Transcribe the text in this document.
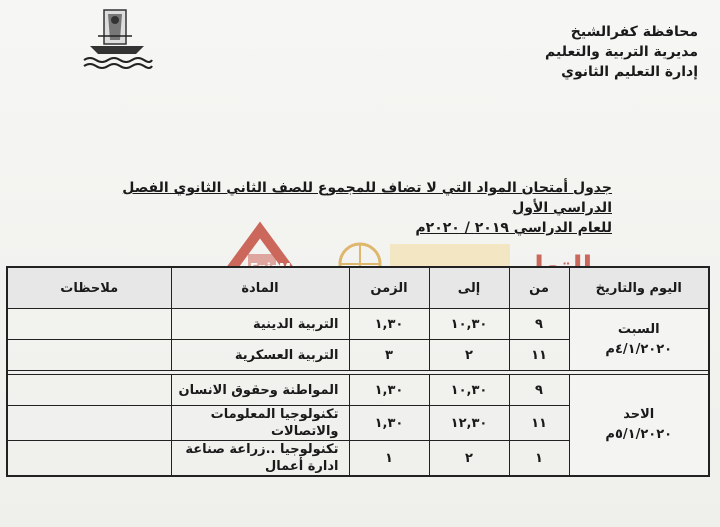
محافظة كفرالشيخ
مديرية التربية والتعليم
إدارة التعليم الثانوي
جدول أمتحان المواد التي لا تضاف للمجموع للصف الثاني الثانوي الفصل الدراسي الأول
للعام الدراسي ٢٠١٩ / ٢٠٢٠م
اليوم والتاريخ	من	إلى	الزمن	المادة	ملاحظات

السبت
٤/١/٢٠٢٠م	٩	١٠,٣٠	١,٣٠	التربية الدينية	
	١١	٢	٣	التربية العسكرية	

الاحد
٥/١/٢٠٢٠م	٩	١٠,٣٠	١,٣٠	المواطنة وحقوق الانسان	
	١١	١٢,٣٠	١,٣٠	تكنولوجيا المعلومات والاتصالات	
	١	٢	١	تكنولوجيا ..زراعة صناعة ادارة أعمال	
